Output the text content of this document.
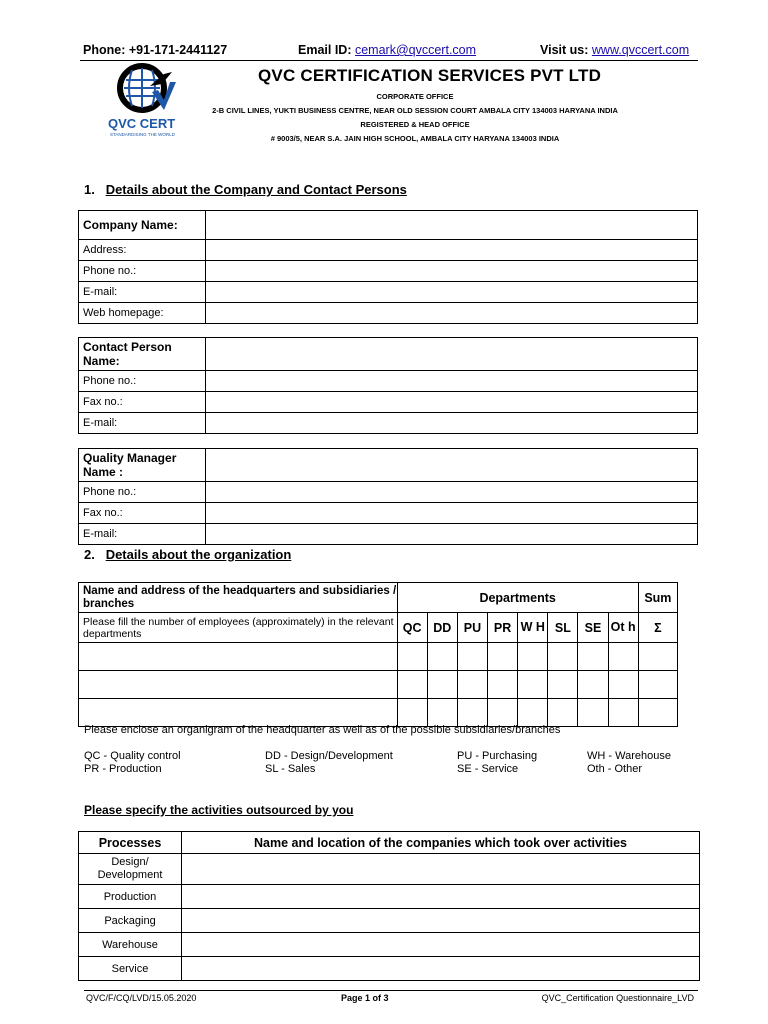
Phone: +91-171-2441127	Email ID: cemark@qvccert.com	Visit us: www.qvccert.com
QVC CERT
STANDARDISING THE WORLD
QVC CERTIFICATION SERVICES PVT LTD
CORPORATE OFFICE
2-B CIVIL LINES, YUKTI BUSINESS CENTRE, NEAR OLD SESSION COURT AMBALA CITY 134003 HARYANA INDIA
REGISTERED & HEAD OFFICE
# 9003/5, NEAR S.A. JAIN HIGH SCHOOL, AMBALA CITY HARYANA 134003 INDIA
1. Details about the Company and Contact Persons
Company Name:	
Address:	
Phone no.:	
E-mail:	
Web homepage:	
Contact Person Name:	
Phone no.:	
Fax no.:	
E-mail:	
Quality Manager Name :	
Phone no.:	
Fax no.:	
E-mail:	
2. Details about the organization
Name and address of the headquarters and subsidiaries / branches	Departments								Sum
Please fill the number of employees (approximately) in the relevant departments	QC	DD	PU	PR	W H	SL	SE	Ot h	Σ

Please enclose an organigram of the headquarter as well as of the possible subsidiaries/branches
QC - Quality control
PR - Production
DD - Design/Development
SL - Sales
PU - Purchasing
SE - Service
WH - Warehouse
Oth - Other
Please specify the activities outsourced by you
Processes	Name and location of the companies which took over activities
Design/ Development	
Production	
Packaging	
Warehouse	
Service	
QVC/F/CQ/LVD/15.05.2020	Page 1 of 3	QVC_Certification Questionnaire_LVD
